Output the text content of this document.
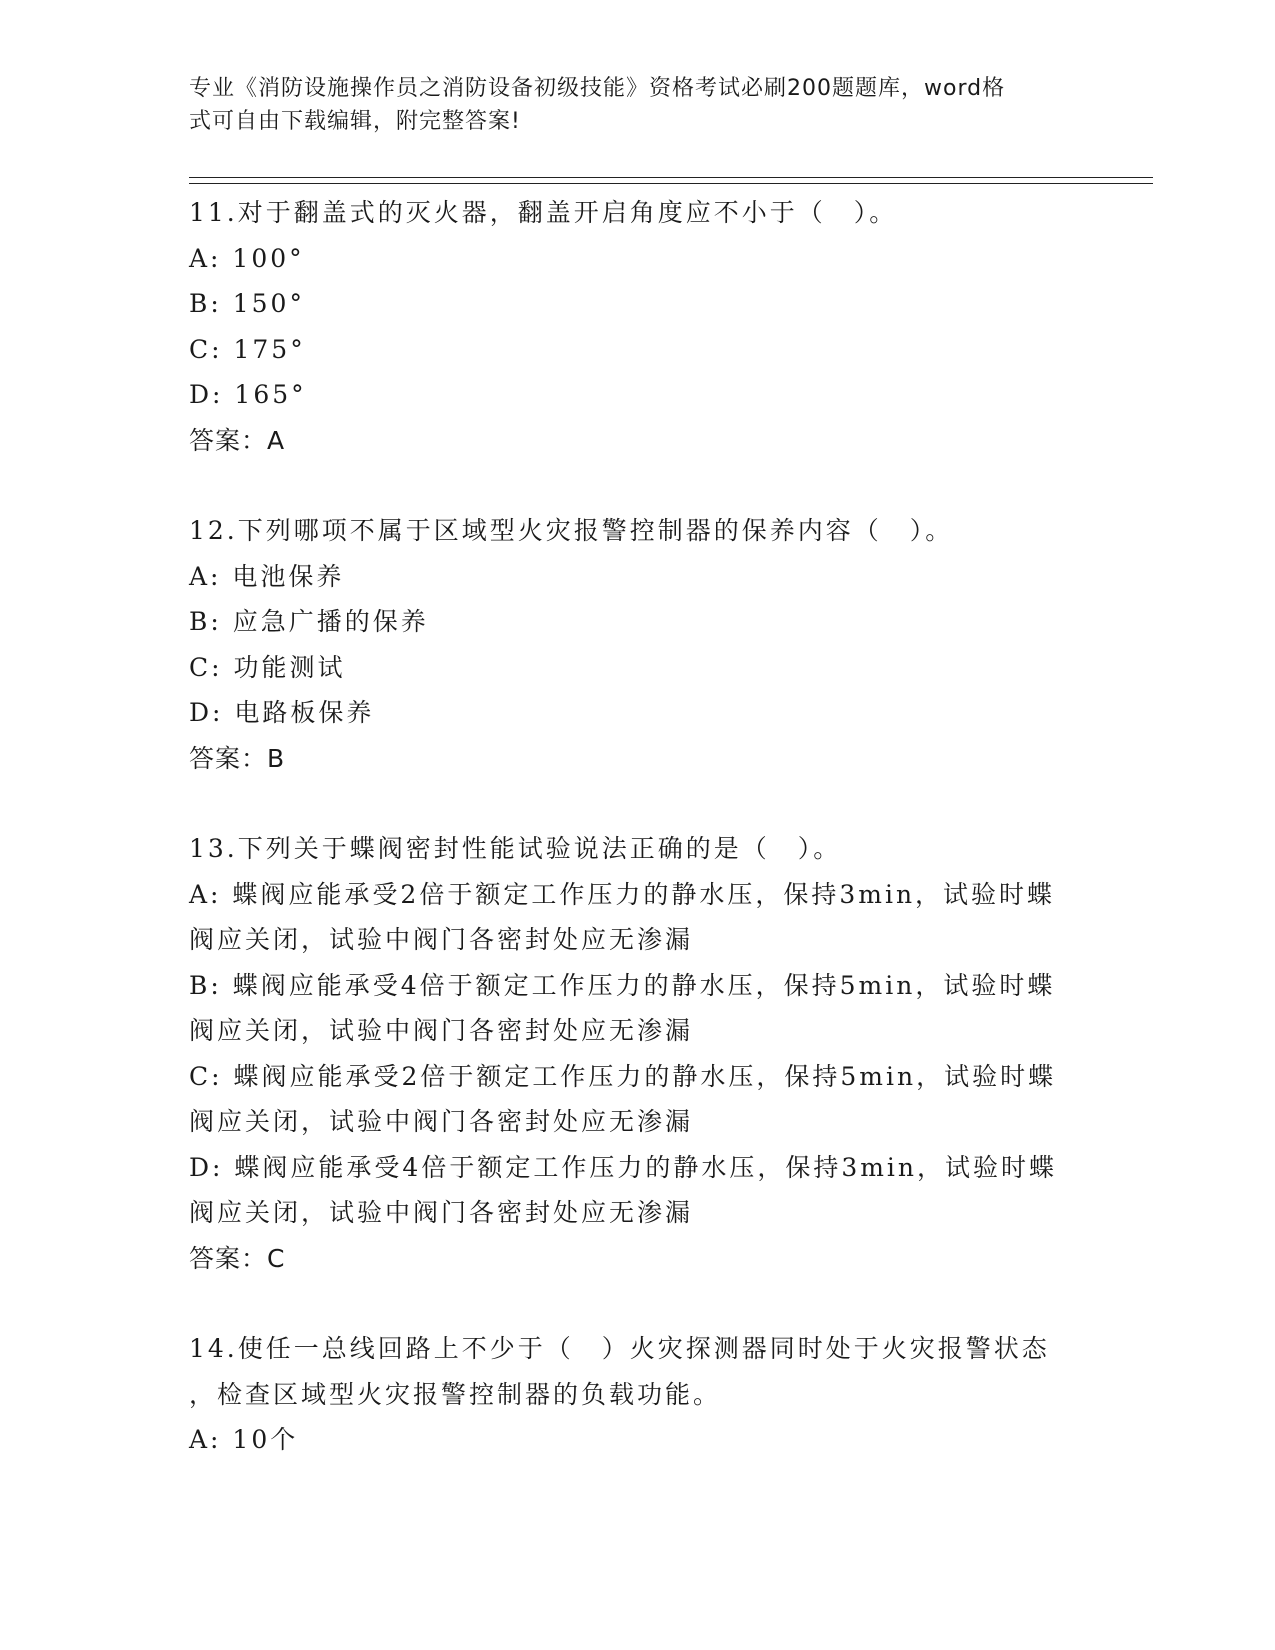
专业《消防设施操作员之消防设备初级技能》资格考试必刷200题题库，word格
式可自由下载编辑，附完整答案!
11.对于翻盖式的灭火器，翻盖开启角度应不小于（　）。
A: 100°
B: 150°
C: 175°
D: 165°
答案：A
12.下列哪项不属于区域型火灾报警控制器的保养内容（　）。
A: 电池保养
B: 应急广播的保养
C: 功能测试
D: 电路板保养
答案：B
13.下列关于蝶阀密封性能试验说法正确的是（　）。
A: 蝶阀应能承受2倍于额定工作压力的静水压，保持3min，试验时蝶
阀应关闭，试验中阀门各密封处应无渗漏
B: 蝶阀应能承受4倍于额定工作压力的静水压，保持5min，试验时蝶
阀应关闭，试验中阀门各密封处应无渗漏
C: 蝶阀应能承受2倍于额定工作压力的静水压，保持5min，试验时蝶
阀应关闭，试验中阀门各密封处应无渗漏
D: 蝶阀应能承受4倍于额定工作压力的静水压，保持3min，试验时蝶
阀应关闭，试验中阀门各密封处应无渗漏
答案：C
14.使任一总线回路上不少于（　）火灾探测器同时处于火灾报警状态
，检查区域型火灾报警控制器的负载功能。
A: 10个
